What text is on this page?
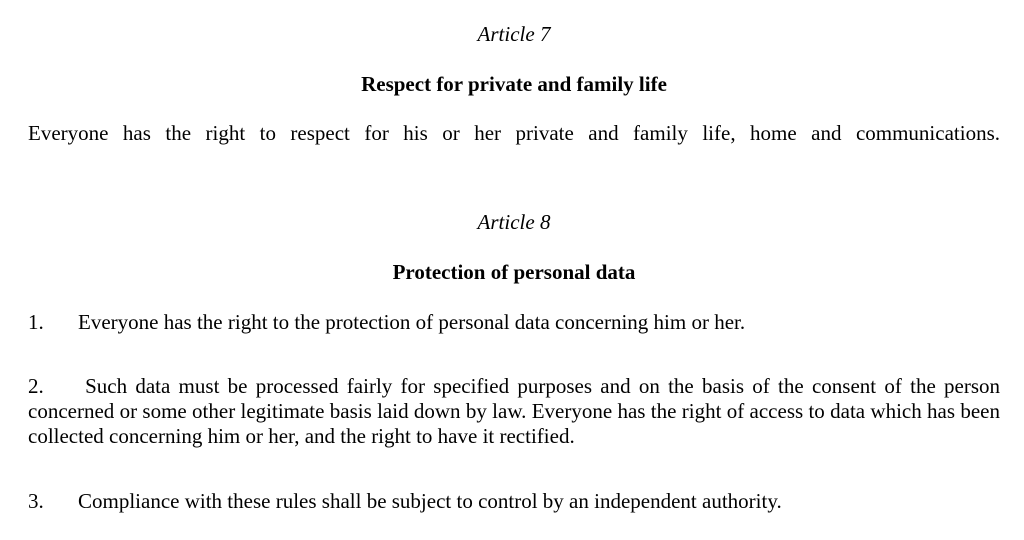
Article 7
Respect for private and family life
Everyone has the right to respect for his or her private and family life, home and communications.
Article 8
Protection of personal data
1. Everyone has the right to the protection of personal data concerning him or her.
2. Such data must be processed fairly for specified purposes and on the basis of the consent of the person concerned or some other legitimate basis laid down by law. Everyone has the right of access to data which has been collected concerning him or her, and the right to have it rectified.
3. Compliance with these rules shall be subject to control by an independent authority.
